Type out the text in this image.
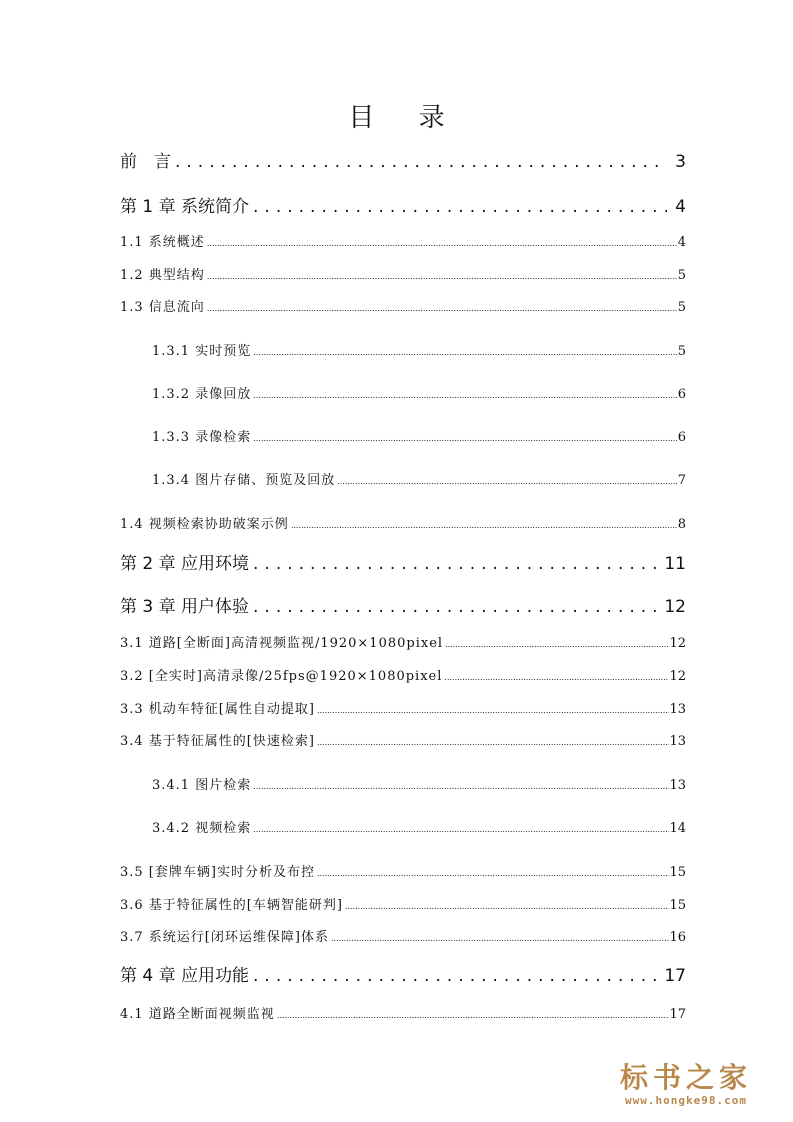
目 录
前　言 .....	3
第 1 章 系统简介 .....	4
1.1 系统概述 .....	4
1.2 典型结构 .....	5
1.3 信息流向 .....	5
1.3.1 实时预览 .....	5
1.3.2 录像回放 .....	6
1.3.3 录像检索 .....	6
1.3.4 图片存储、预览及回放 .....	7
1.4 视频检索协助破案示例 .....	8
第 2 章 应用环境 .....	11
第 3 章 用户体验 .....	12
3.1 道路[全断面]高清视频监视/1920×1080pixel .....	12
3.2 [全实时]高清录像/25fps@1920×1080pixel .....	12
3.3 机动车特征[属性自动提取] .....	13
3.4 基于特征属性的[快速检索] .....	13
3.4.1 图片检索 .....	13
3.4.2 视频检索 .....	14
3.5 [套牌车辆]实时分析及布控 .....	15
3.6 基于特征属性的[车辆智能研判] .....	15
3.7 系统运行[闭环运维保障]体系 .....	16
第 4 章 应用功能 .....	17
4.1 道路全断面视频监视 .....	17
标书之家
www.hongke98.com
